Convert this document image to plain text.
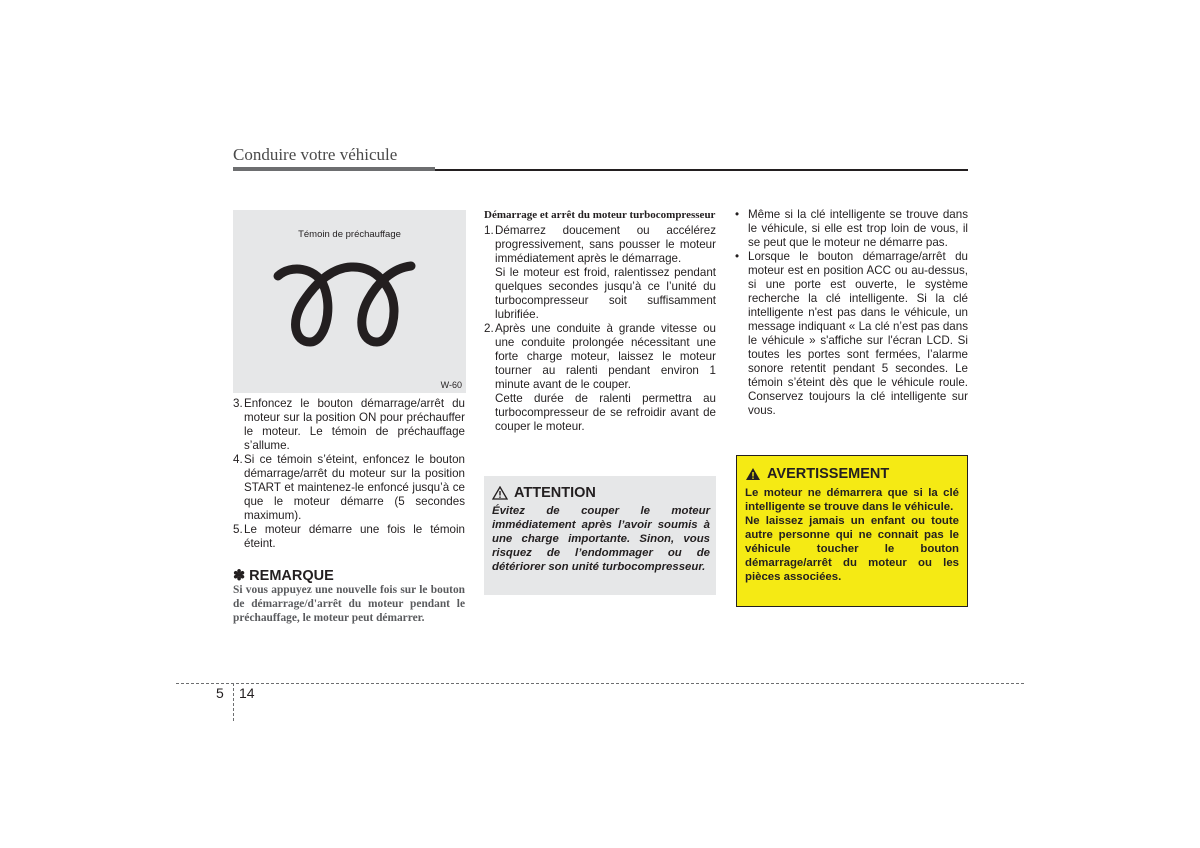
Conduire votre véhicule
Témoin de préchauffage
W-60
3. Enfoncez le bouton démarrage/arrêt du moteur sur la position ON pour préchauffer le moteur. Le témoin de préchauffage s’allume.
4. Si ce témoin s’éteint, enfoncez le bouton démarrage/arrêt du moteur sur la position START et maintenez-le enfoncé jusqu’à ce que le moteur démarre (5 secondes maximum).
5. Le moteur démarre une fois le témoin éteint.
✽ REMARQUE
Si vous appuyez une nouvelle fois sur le bouton de démarrage/d'arrêt du moteur pendant le préchauffage, le moteur peut démarrer.
Démarrage et arrêt du moteur turbocompresseur
1. Démarrez doucement ou accélérez progressivement, sans pousser le moteur immédiatement après le démarrage.

Si le moteur est froid, ralentissez pendant quelques secondes jusqu’à ce l’unité du turbocompresseur soit suffisamment lubrifiée.

2. Après une conduite à grande vitesse ou une conduite prolongée nécessitant une forte charge moteur, laissez le moteur tourner au ralenti pendant environ 1 minute avant de le couper.

Cette durée de ralenti permettra au turbocompresseur de se refroidir avant de couper le moteur.

ATTENTION
Évitez de couper le moteur immédiatement après l’avoir soumis à une charge importante. Sinon, vous risquez de l’endommager ou de détériorer son unité turbocompresseur.
• Même si la clé intelligente se trouve dans le véhicule, si elle est trop loin de vous, il se peut que le moteur ne démarre pas.
• Lorsque le bouton démarrage/arrêt du moteur est en position ACC ou au-dessus, si une porte est ouverte, le système recherche la clé intelligente. Si la clé intelligente n'est pas dans le véhicule, un message indiquant « La clé n’est pas dans le véhicule » s'affiche sur l'écran LCD. Si toutes les portes sont fermées, l’alarme sonore retentit pendant 5 secondes. Le témoin s’éteint dès que le véhicule roule. Conservez toujours la clé intelligente sur vous.
AVERTISSEMENT

Le moteur ne démarrera que si la clé intelligente se trouve dans le véhicule.

Ne laissez jamais un enfant ou toute autre personne qui ne connait pas le véhicule toucher le bouton démarrage/arrêt du moteur ou les pièces associées.

5 14
